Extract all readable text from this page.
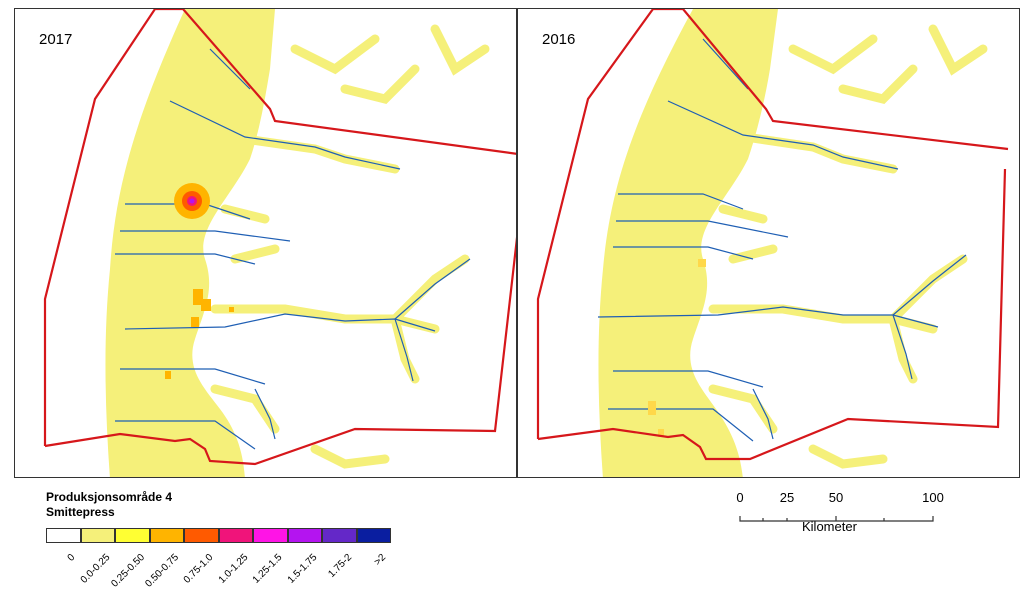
2017	2016
Produksjonsområde 4
Smittepress
0 0.0-0.25
0.25-0.50
0.50-0.75 0.75-1.0 1.0-1.25 1.25-1.5 1.5-1.75 1.75-2 >2
0	25	50	100
Kilometer
